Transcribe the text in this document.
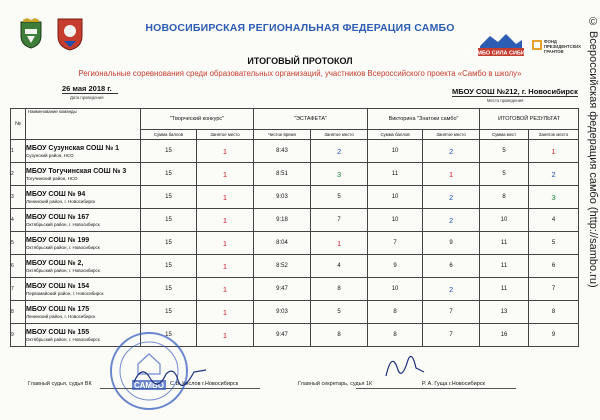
САМБО СИЛА СИБИРИ
ФОНД
ПРЕЗИДЕНТСКИХ
ГРАНТОВ
НОВОСИБИРСКАЯ РЕГИОНАЛЬНАЯ ФЕДЕРАЦИЯ САМБО
ИТОГОВЫЙ ПРОТОКОЛ
Региональные соревнования среди образовательных организаций, участников Всероссийского проекта «Самбо в школу»
26 мая 2018 г.
Дата проведения
МБОУ СОШ №212, г. Новосибирск
Место проведения
№	Наименование команды	"Творческий конкурс"		"ЭСТАФЕТА"		Викторина "Знатоки самбо"		ИТОГОВОЙ РЕЗУЛЬТАТ	
		Сумма баллов	Занятое место	Чистое время	Занятое место	Сумма баллов	Занятое место	Сумма мест	Занятое место
1	МБОУ Сузунская СОШ № 1
Сузунский район, НСО	15	1	8:43	2	10	2	5	1
2	МБОУ Тогучинская СОШ № 3
Тогучинский район, НСО	15	1	8:51	3	11	1	5	2
3	МБОУ СОШ № 94
Ленинский район, г. Новосибирск	15	1	9:03	5	10	2	8	3
4	МБОУ СОШ № 167
Октябрьский район, г. Новосибирск	15	1	9:18	7	10	2	10	4
5	МБОУ СОШ № 199
Октябрьский район, г. Новосибирск	15	1	8:04	1	7	9	11	5
6	МБОУ СОШ № 2,
Октябрьский район, г. Новосибирск	15	1	8:52	4	9	6	11	6
7	МБОУ СОШ № 154
Первомайский район, г. Новосибирск	15	1	9:47	8	10	2	11	7
8	МБОУ СОШ № 175
Ленинский район, г. Новосибирск	15	1	9:03	5	8	7	13	8
9	МБОУ СОШ № 155
Октябрьский район, г. Новосибирск	15	1	9:47	8	8	7	16	9
Главный судья, судья ВК	С.В. Кислов г.Новосибирск	Главный секретарь, судья 1К	Р. А. Гуща г.Новосибирск
САМБО
© Всероссийская федерация самбо (http://sambo.ru)
